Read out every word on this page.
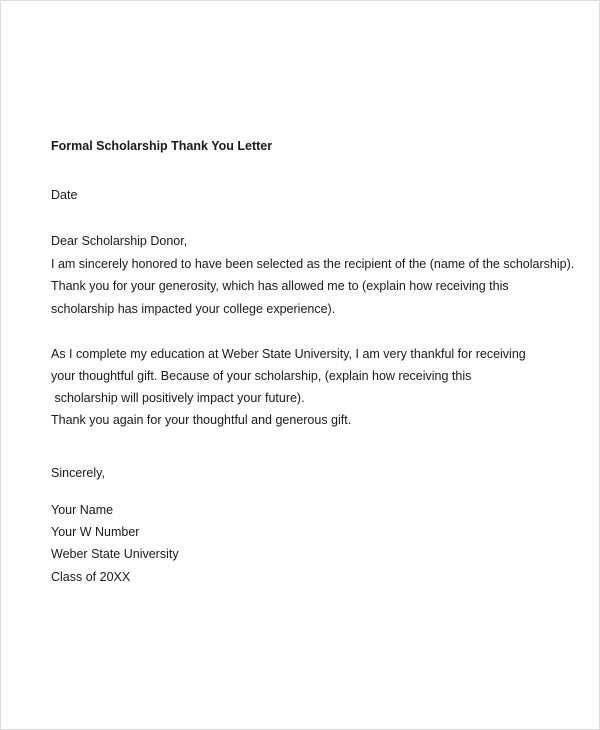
Formal Scholarship Thank You Letter
Date
Dear Scholarship Donor,
I am sincerely honored to have been selected as the recipient of the (name of the scholarship).
Thank you for your generosity, which has allowed me to (explain how receiving this
scholarship has impacted your college experience).
As I complete my education at Weber State University, I am very thankful for receiving
your thoughtful gift. Because of your scholarship, (explain how receiving this
scholarship will positively impact your future).
Thank you again for your thoughtful and generous gift.
Sincerely,
Your Name
Your W Number
Weber State University
Class of 20XX
